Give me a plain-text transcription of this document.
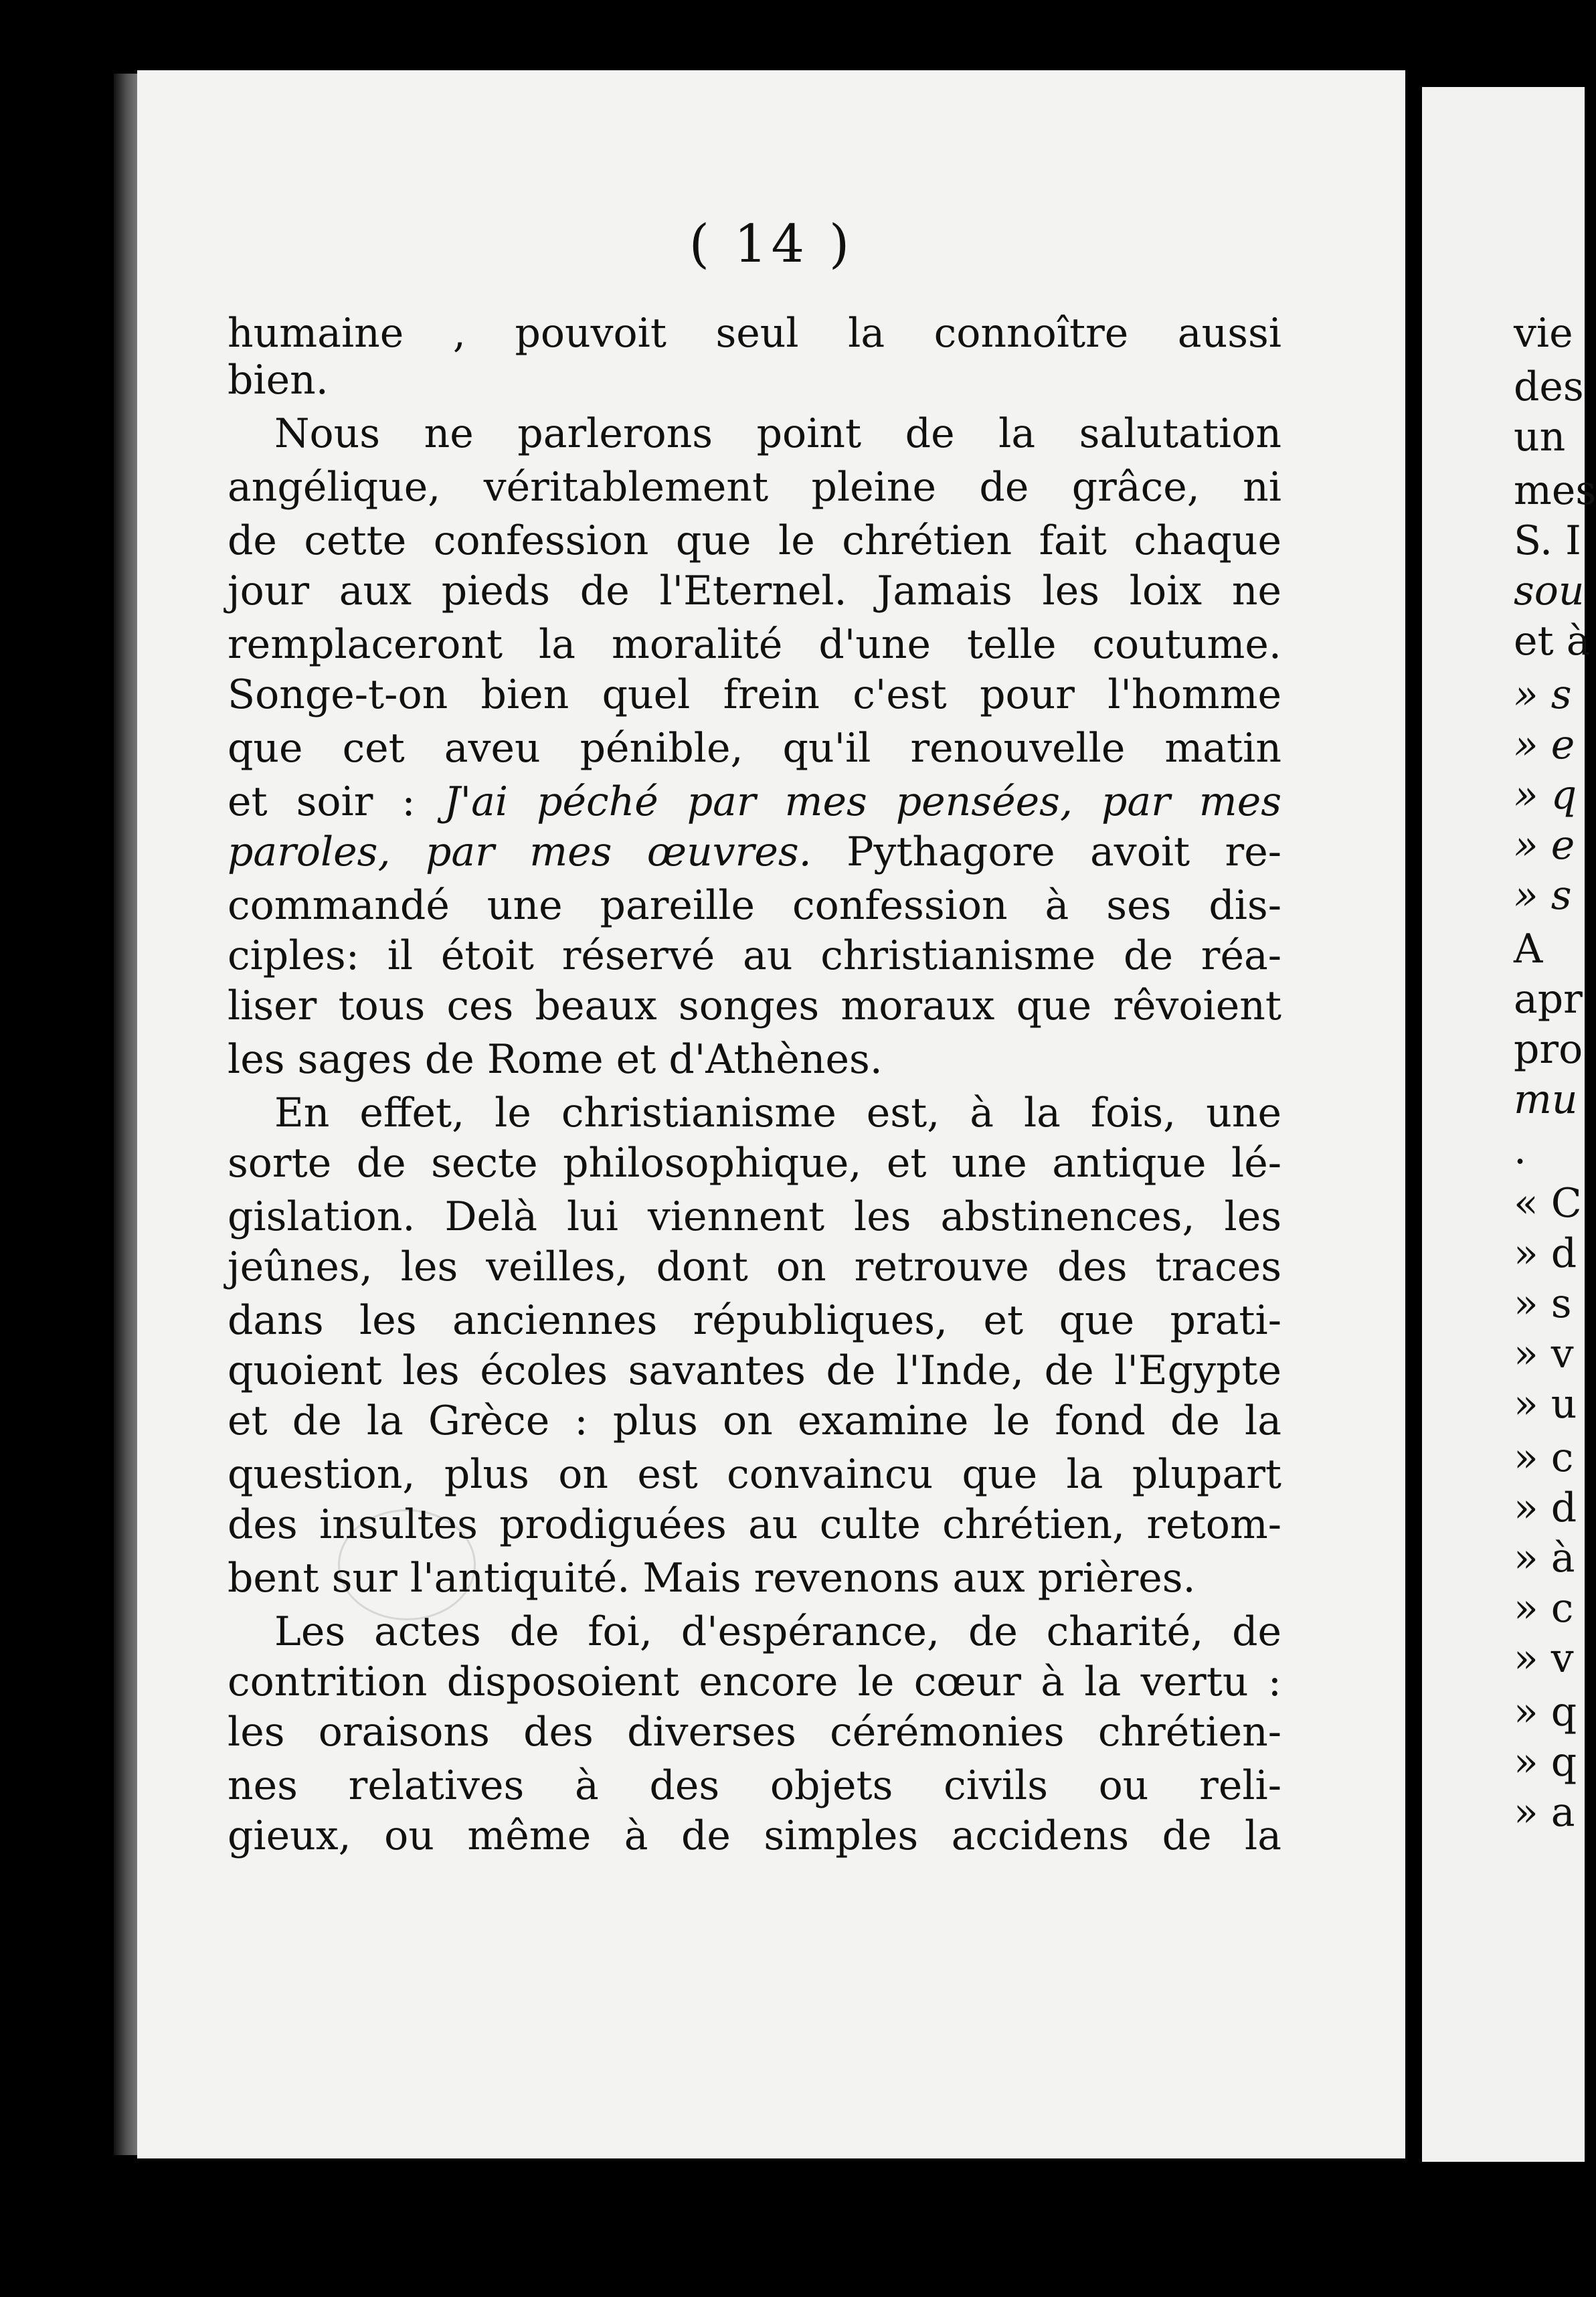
( 14 )
humaine , pouvoit seul la connoître aussi
bien.
Nous ne parlerons point de la salutation
angélique, véritablement pleine de grâce, ni
de cette confession que le chrétien fait chaque
jour aux pieds de l'Eternel. Jamais les loix ne
remplaceront la moralité d'une telle coutume.
Songe-t-on bien quel frein c'est pour l'homme
que cet aveu pénible, qu'il renouvelle matin
et soir : J'ai péché par mes pensées, par mes
paroles, par mes œuvres. Pythagore avoit re-
commandé une pareille confession à ses dis-
ciples: il étoit réservé au christianisme de réa-
liser tous ces beaux songes moraux que rêvoient
les sages de Rome et d'Athènes.
En effet, le christianisme est, à la fois, une
sorte de secte philosophique, et une antique lé-
gislation. Delà lui viennent les abstinences, les
jeûnes, les veilles, dont on retrouve des traces
dans les anciennes républiques, et que prati-
quoient les écoles savantes de l'Inde, de l'Egypte
et de la Grèce : plus on examine le fond de la
question, plus on est convaincu que la plupart
des insultes prodiguées au culte chrétien, retom-
bent sur l'antiquité. Mais revenons aux prières.
Les actes de foi, d'espérance, de charité, de
contrition disposoient encore le cœur à la vertu :
les oraisons des diverses cérémonies chrétien-
nes relatives à des objets civils ou reli-
gieux, ou même à de simples accidens de la
vie
des
un
mes
S. I
sou
et à
» s
» e
» q
» e
» s
A
apr
pro
mu
.
« C
» d
» s
» v
» u
» c
» d
» à
» c
» v
» q
» q
» a
